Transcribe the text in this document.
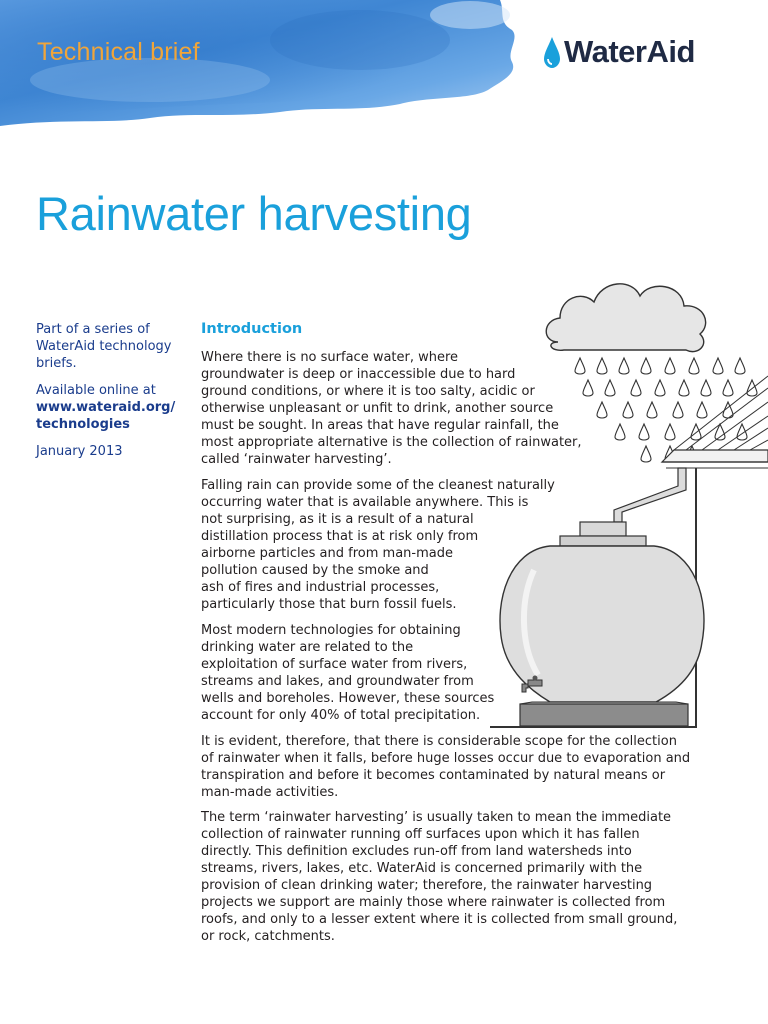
Technical brief	WaterAid
Rainwater harvesting

Part of a series of WaterAid technology briefs.

Available online at
www.wateraid.org/
technologies

January 2013

Introduction

Where there is no surface water, where
groundwater is deep or inaccessible due to hard
ground conditions, or where it is too salty, acidic or
otherwise unpleasant or unfit to drink, another source
must be sought. In areas that have regular rainfall, the
most appropriate alternative is the collection of rainwater,
called ‘rainwater harvesting’.

Falling rain can provide some of the cleanest naturally
occurring water that is available anywhere. This is
not surprising, as it is a result of a natural
distillation process that is at risk only from
airborne particles and from man-made
pollution caused by the smoke and
ash of fires and industrial processes,
particularly those that burn fossil fuels.

Most modern technologies for obtaining
drinking water are related to the
exploitation of surface water from rivers,
streams and lakes, and groundwater from
wells and boreholes. However, these sources
account for only 40% of total precipitation.

It is evident, therefore, that there is considerable scope for the collection
of rainwater when it falls, before huge losses occur due to evaporation and
transpiration and before it becomes contaminated by natural means or
man-made activities.

The term ‘rainwater harvesting’ is usually taken to mean the immediate
collection of rainwater running off surfaces upon which it has fallen
directly. This definition excludes run-off from land watersheds into
streams, rivers, lakes, etc. WaterAid is concerned primarily with the
provision of clean drinking water; therefore, the rainwater harvesting
projects we support are mainly those where rainwater is collected from
roofs, and only to a lesser extent where it is collected from small ground,
or rock, catchments.
